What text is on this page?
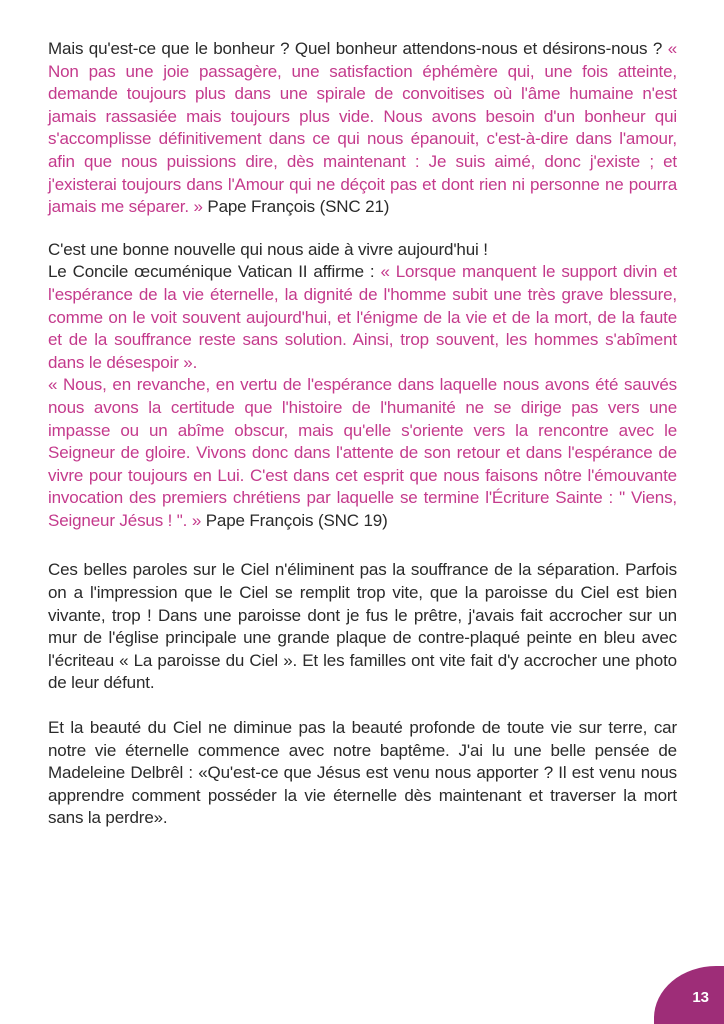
Mais qu'est-ce que le bonheur ? Quel bonheur attendons-nous et désirons-nous ? « Non pas une joie passagère, une satisfaction éphémère qui, une fois atteinte, demande toujours plus dans une spirale de convoitises où l'âme humaine n'est jamais rassasiée mais toujours plus vide. Nous avons besoin d'un bonheur qui s'accomplisse définitivement dans ce qui nous épanouit, c'est-à-dire dans l'amour, afin que nous puissions dire, dès maintenant : Je suis aimé, donc j'existe ; et j'existerai toujours dans l'Amour qui ne déçoit pas et dont rien ni personne ne pourra jamais me séparer. » Pape François (SNC 21)

C'est une bonne nouvelle qui nous aide à vivre aujourd'hui !
Le Concile œcuménique Vatican II affirme : « Lorsque manquent le support divin et l'espérance de la vie éternelle, la dignité de l'homme subit une très grave blessure, comme on le voit souvent aujourd'hui, et l'énigme de la vie et de la mort, de la faute et de la souffrance reste sans solution. Ainsi, trop souvent, les hommes s'abîment dans le désespoir ».
« Nous, en revanche, en vertu de l'espérance dans laquelle nous avons été sauvés nous avons la certitude que l'histoire de l'humanité ne se dirige pas vers une impasse ou un abîme obscur, mais qu'elle s'oriente vers la rencontre avec le Seigneur de gloire. Vivons donc dans l'attente de son retour et dans l'espérance de vivre pour toujours en Lui. C'est dans cet esprit que nous faisons nôtre l'émouvante invocation des premiers chrétiens par laquelle se termine l'Écriture Sainte : " Viens, Seigneur Jésus ! ". » Pape François (SNC 19)

Ces belles paroles sur le Ciel n'éliminent pas la souffrance de la séparation. Parfois on a l'impression que le Ciel se remplit trop vite, que la paroisse du Ciel est bien vivante, trop ! Dans une paroisse dont je fus le prêtre, j'avais fait accrocher sur un mur de l'église principale une grande plaque de contre-plaqué peinte en bleu avec l'écriteau « La paroisse du Ciel ». Et les familles ont vite fait d'y accrocher une photo de leur défunt.

Et la beauté du Ciel ne diminue pas la beauté profonde de toute vie sur terre, car notre vie éternelle commence avec notre baptême. J'ai lu une belle pensée de Madeleine Delbrêl : «Qu'est-ce que Jésus est venu nous apporter ? Il est venu nous apprendre comment posséder la vie éternelle dès maintenant et traverser la mort sans la perdre».

13
